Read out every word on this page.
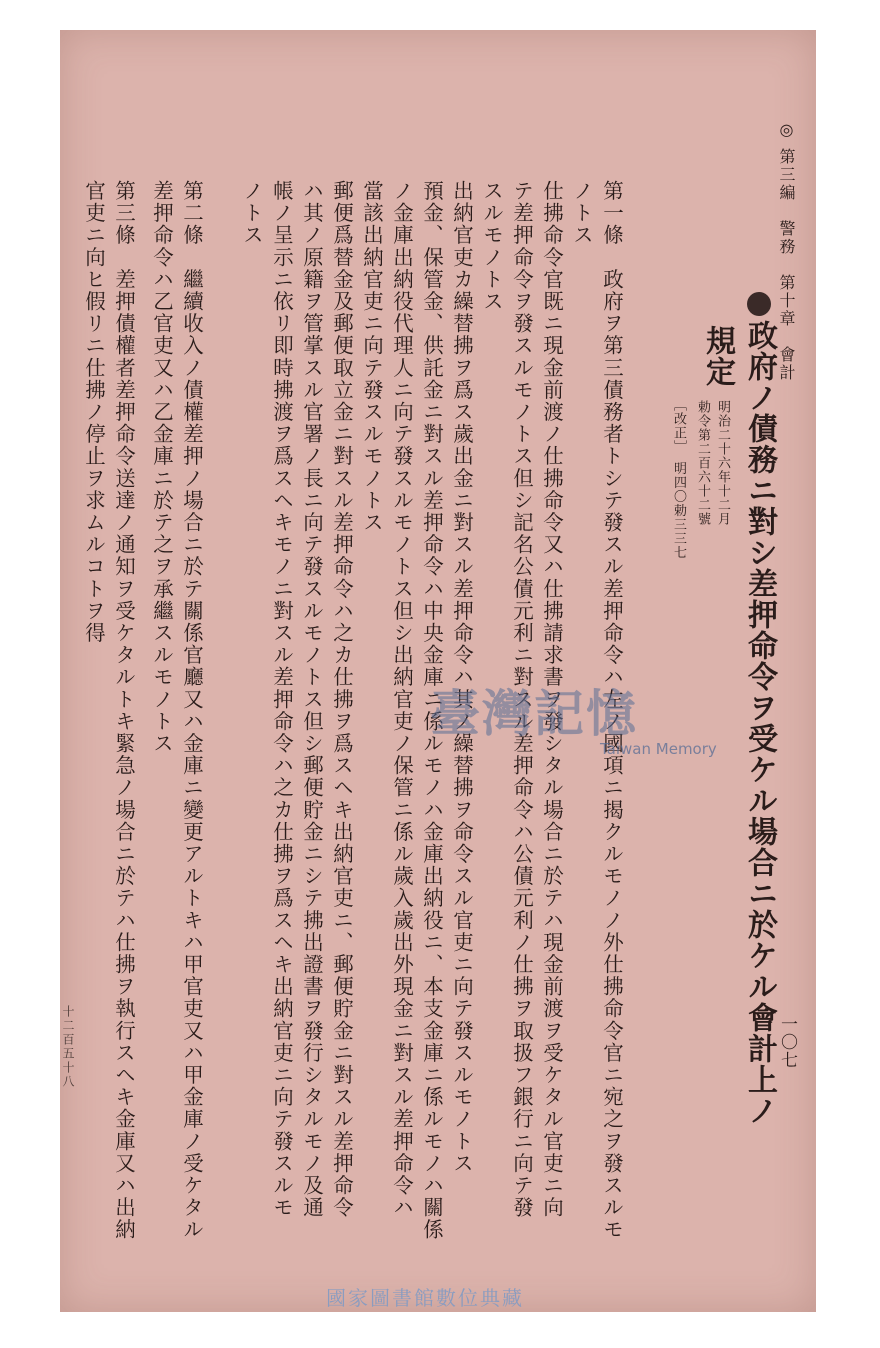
◎ 第三編　警務　第十章　會計
一〇七
政府ノ債務ニ對シ差押命令ヲ受ケル場合ニ於ケル會計上ノ
規定
明治二十六年十二月
勅令第二百六十二號
［改正］　明四〇勅三三七
第一條　政府ヲ第三債務者トシテ發スル差押命令ハ左ノ國項ニ揭クルモノノ外仕拂命令官ニ宛之ヲ發スルモ
ノトス
仕拂命令官既ニ現金前渡ノ仕拂命令又ハ仕拂請求書ヲ發シタル場合ニ於テハ現金前渡ヲ受ケタル官吏ニ向
テ差押命令ヲ發スルモノトス但シ記名公債元利ニ對スル差押命令ハ公債元利ノ仕拂ヲ取扱フ銀行ニ向テ發
スルモノトス
出納官吏カ繰替拂ヲ爲ス歲出金ニ對スル差押命令ハ其ノ繰替拂ヲ命令スル官吏ニ向テ發スルモノトス
預金、保管金、供託金ニ對スル差押命令ハ中央金庫ニ係ルモノハ金庫出納役ニ、本支金庫ニ係ルモノハ關係
ノ金庫出納役代理人ニ向テ發スルモノトス但シ出納官吏ノ保管ニ係ル歲入歲出外現金ニ對スル差押命令ハ
當該出納官吏ニ向テ發スルモノトス
郵便爲替金及郵便取立金ニ對スル差押命令ハ之カ仕拂ヲ爲スヘキ出納官吏ニ、郵便貯金ニ對スル差押命令
ハ其ノ原籍ヲ管掌スル官署ノ長ニ向テ發スルモノトス但シ郵便貯金ニシテ拂出證書ヲ發行シタルモノ及通
帳ノ呈示ニ依リ即時拂渡ヲ爲スヘキモノニ對スル差押命令ハ之カ仕拂ヲ爲スヘキ出納官吏ニ向テ發スルモ
ノトス
第二條　繼續收入ノ債權差押ノ場合ニ於テ關係官廳又ハ金庫ニ變更アルトキハ甲官吏又ハ甲金庫ノ受ケタル
差押命令ハ乙官吏又ハ乙金庫ニ於テ之ヲ承繼スルモノトス
第三條　差押債權者差押命令送達ノ通知ヲ受ケタルトキ緊急ノ場合ニ於テハ仕拂ヲ執行スヘキ金庫又ハ出納
官吏ニ向ヒ假リニ仕拂ノ停止ヲ求ムルコトヲ得
十二百五十八
臺灣記憶
Taiwan Memory
國家圖書館數位典藏
